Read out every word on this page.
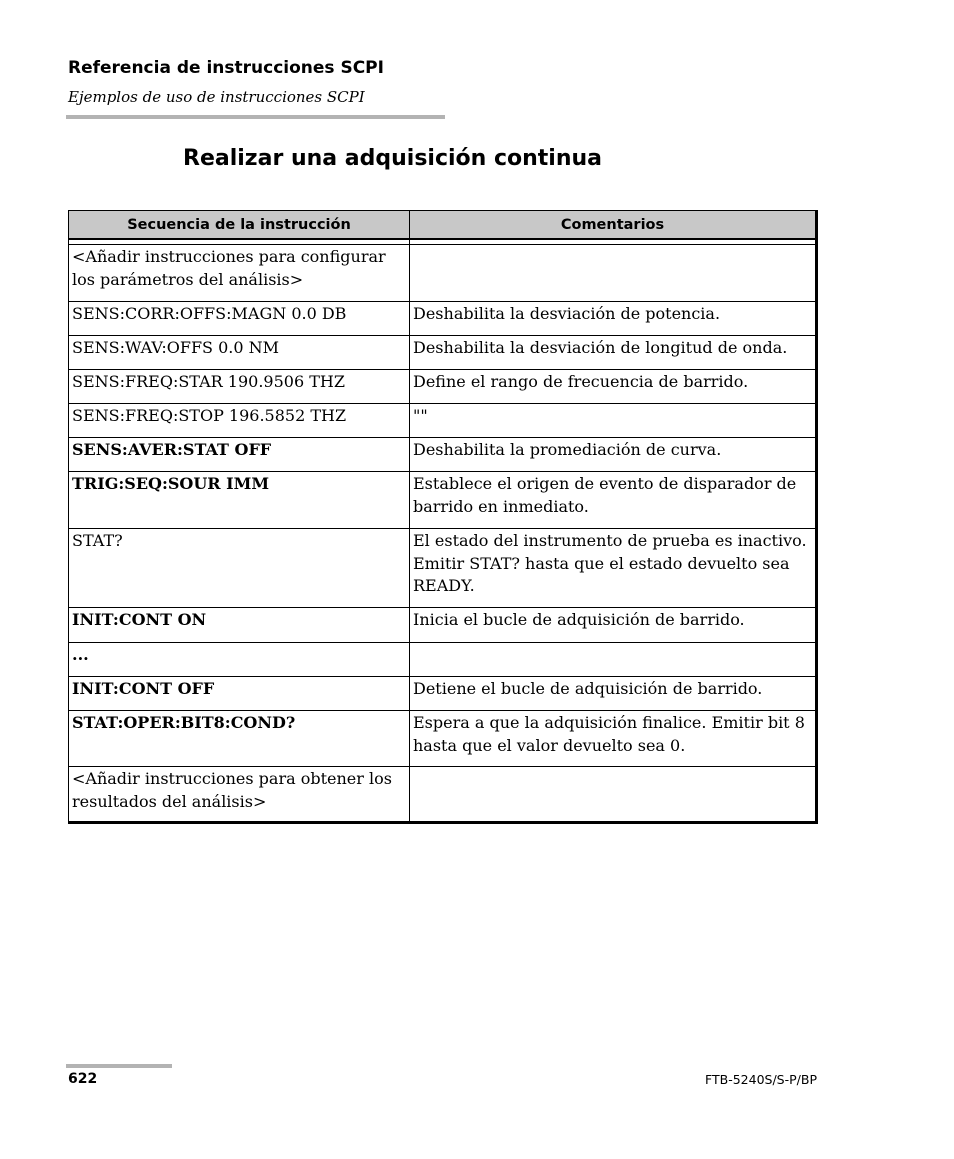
Referencia de instrucciones SCPI
Ejemplos de uso de instrucciones SCPI
Realizar una adquisición continua
Secuencia de la instrucción	Comentarios

<Añadir instrucciones para configurar los parámetros del análisis>	
SENS:CORR:OFFS:MAGN 0.0 DB	Deshabilita la desviación de potencia.
SENS:WAV:OFFS 0.0 NM	Deshabilita la desviación de longitud de onda.
SENS:FREQ:STAR 190.9506 THZ	Define el rango de frecuencia de barrido.
SENS:FREQ:STOP 196.5852 THZ	""
SENS:AVER:STAT OFF	Deshabilita la promediación de curva.
TRIG:SEQ:SOUR IMM	Establece el origen de evento de disparador de barrido en inmediato.
STAT?	El estado del instrumento de prueba es inactivo. Emitir STAT? hasta que el estado devuelto sea READY.
INIT:CONT ON	Inicia el bucle de adquisición de barrido.
...	
INIT:CONT OFF	Detiene el bucle de adquisición de barrido.
STAT:OPER:BIT8:COND?	Espera a que la adquisición finalice. Emitir bit 8 hasta que el valor devuelto sea 0.
<Añadir instrucciones para obtener los resultados del análisis>	
622	FTB-5240S/S-P/BP
